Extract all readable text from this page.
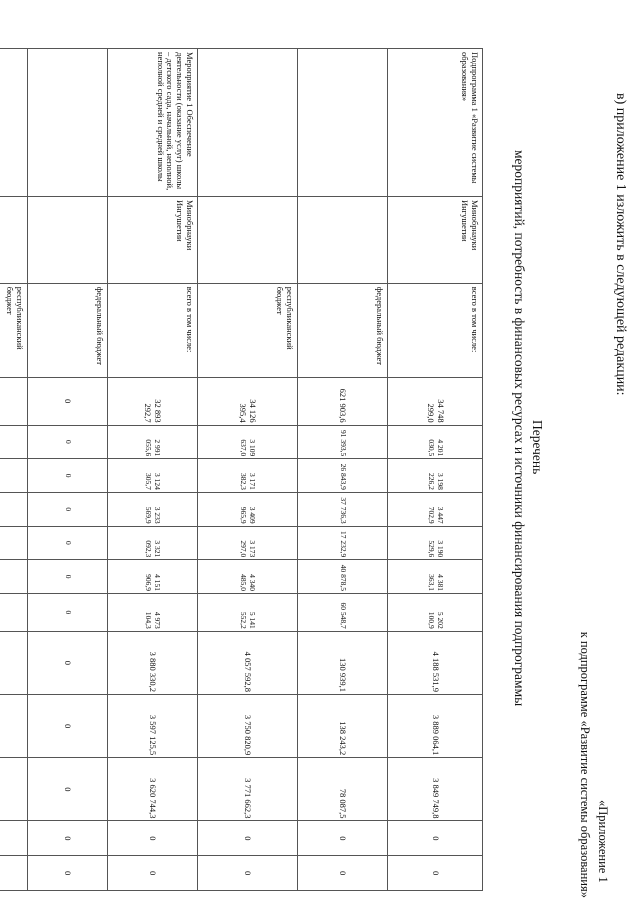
в) приложение 1 изложить в следующей редакции:
«Приложение 1
к подпрограмме «Развитие системы образования»
Перечень
мероприятий, потребность в финансовых ресурсах и источники финансирования подпрограммы
Подпрограмма 1 «Развитие системы образования»	Минобрнауки Ингушетии	всего в том числе:	34 748 299,0	4 201 030,5	3 198 226,2	3 447 702,9	3 190 529,6	4 381 363,1	5 202 100,9	4 188 531,9	3 889 064,1	3 849 749,8	0	0
		федеральный бюджет	621 903,6	91 393,5	26 843,9	37 736,3	17 232,9	40 878,5	60 548,7	130 939,1	138 243,2	78 087,5	0	0
		республиканский бюджет	34 126 395,4	3 109 637,0	3 171 382,3	3 409 965,9	3 173 297,0	4 340 485,0	5 141 552,2	4 057 592,8	3 750 820,9	3 771 662,3	0	0
Мероприятие 1 Обеспечение деятельности (оказание услуг) школы – детского сада, начальной, неполной, неполной средней и средней школы	Минобрнауки Ингушетии	всего в том числе:	32 893 292,7	2 991 055,6	3 124 305,7	3 233 569,9	3 321 092,3	4 151 906,9	4 973 104,3	3 880 330,2	3 597 125,5	3 620 744,3	0	0
		федеральный бюджет	0	0	0	0	0	0	0	0	0	0	0	0
		республиканский бюджет												
